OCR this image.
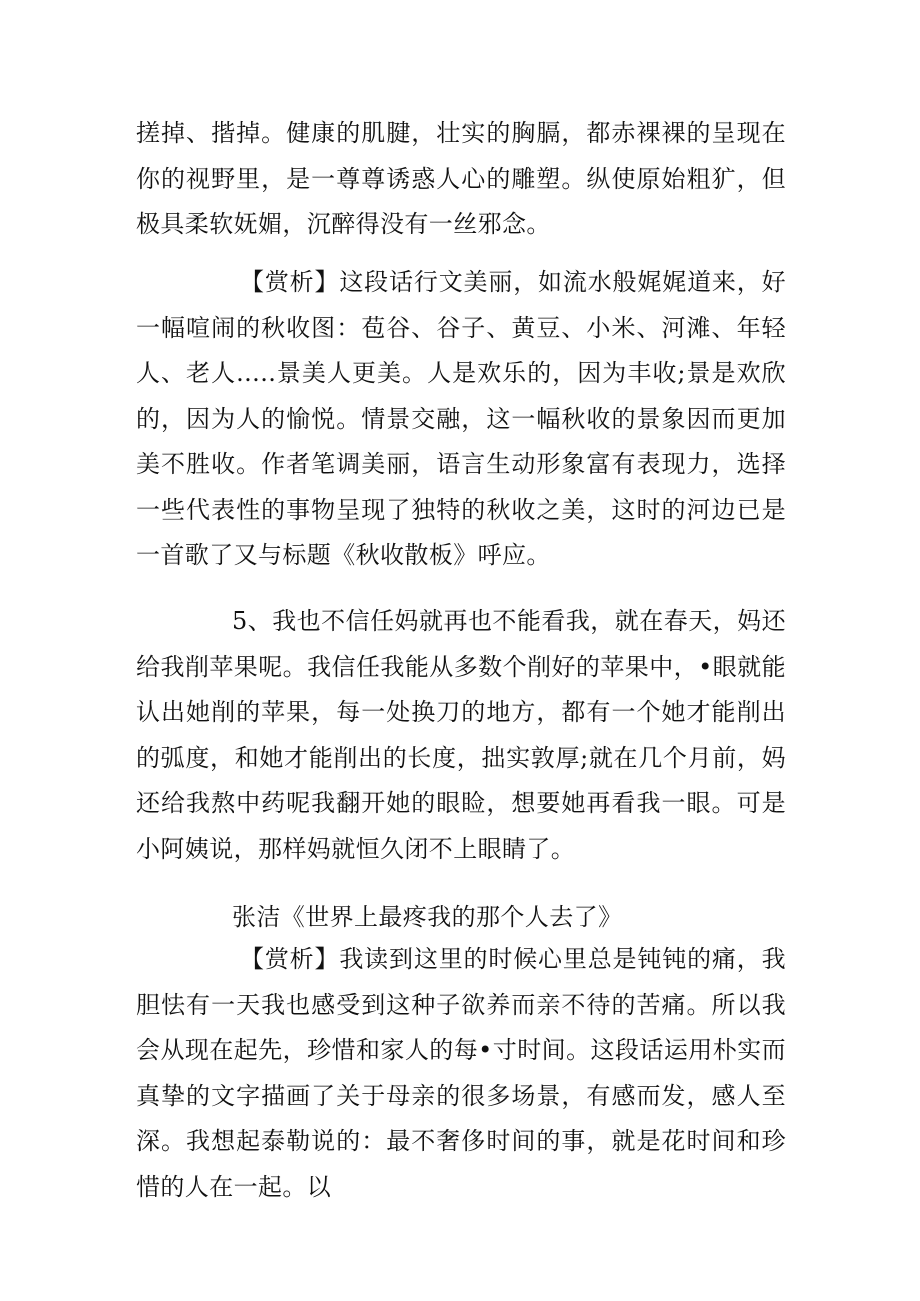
搓掉、揩掉。健康的肌腱，壮实的胸膈，都赤裸裸的呈现在你的视野里，是一尊尊诱惑人心的雕塑。纵使原始粗犷，但极具柔软妩媚，沉醉得没有一丝邪念。

【赏析】这段话行文美丽，如流水般娓娓道来，好一幅喧闹的秋收图：苞谷、谷子、黄豆、小米、河滩、年轻人、老人.....景美人更美。人是欢乐的，因为丰收;景是欢欣的，因为人的愉悦。情景交融，这一幅秋收的景象因而更加美不胜收。作者笔调美丽，语言生动形象富有表现力，选择一些代表性的事物呈现了独特的秋收之美，这时的河边已是一首歌了又与标题《秋收散板》呼应。

5、我也不信任妈就再也不能看我，就在春天，妈还给我削苹果呢。我信任我能从多数个削好的苹果中，•眼就能认出她削的苹果，每一处换刀的地方，都有一个她才能削出的弧度，和她才能削出的长度，拙实敦厚;就在几个月前，妈还给我熬中药呢我翻开她的眼睑，想要她再看我一眼。可是小阿姨说，那样妈就恒久闭不上眼睛了。

张洁《世界上最疼我的那个人去了》

【赏析】我读到这里的时候心里总是钝钝的痛，我胆怯有一天我也感受到这种子欲养而亲不待的苦痛。所以我会从现在起先，珍惜和家人的每•寸时间。这段话运用朴实而真挚的文字描画了关于母亲的很多场景，有感而发，感人至深。我想起泰勒说的：最不奢侈时间的事，就是花时间和珍惜的人在一起。以
